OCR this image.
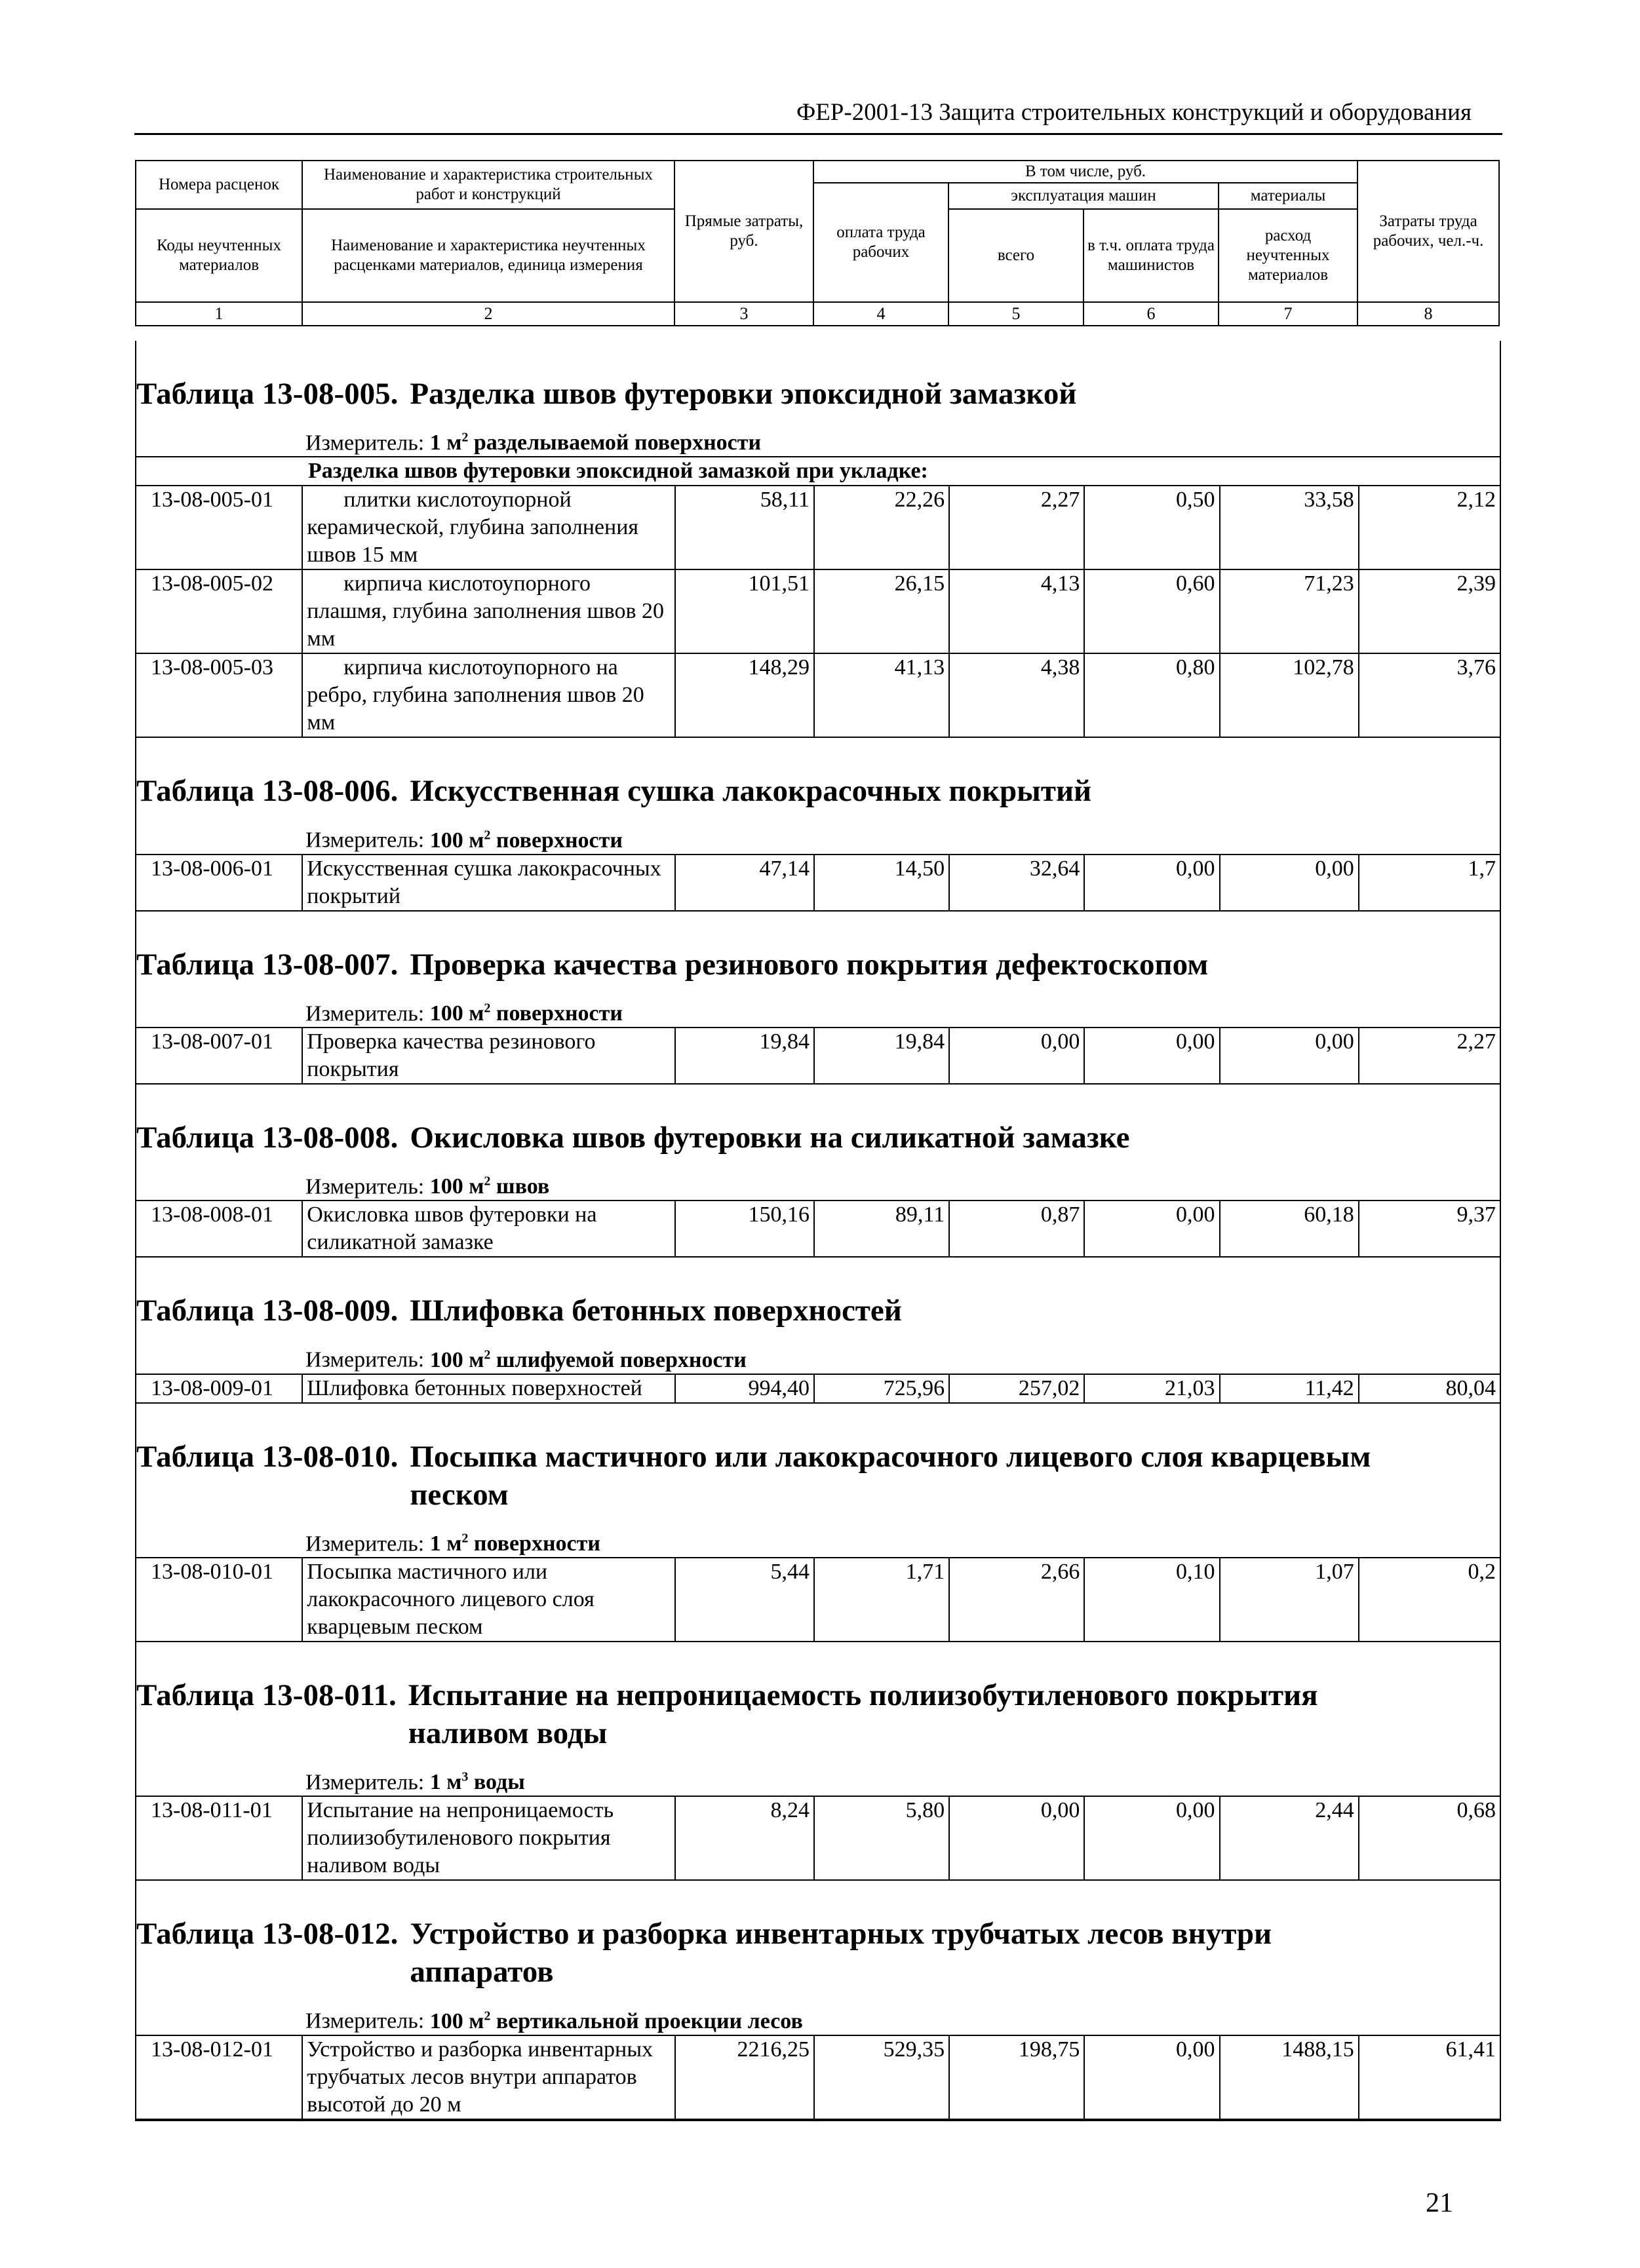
ФЕР-2001-13 Защита строительных конструкций и оборудования
Номера расценок	Наименование и характеристика строительных работ и конструкций	Прямые затраты, руб.	В том числе, руб.				Затраты труда рабочих, чел.-ч.
			оплата труда рабочих	эксплуатация машин		материалы	
Коды неучтенных материалов	Наименование и характеристика неучтенных расценками материалов, единица измерения			всего	в т.ч. оплата труда машинистов	расход неучтенных материалов	

1	2	3	4	5	6	7	8
Таблица 13-08-005. Разделка швов футеровки эпоксидной замазкой
Измеритель: 1 $м^2$ разделываемой поверхности
Разделка швов футеровки эпоксидной замазкой при укладке:
13-08-005-01	плитки кислотоупорной керамической, глубина заполнения швов 15 мм	58,11	22,26	2,27	0,50	33,58	2,12
13-08-005-02	кирпича кислотоупорного плашмя, глубина заполнения швов 20 мм	101,51	26,15	4,13	0,60	71,23	2,39
13-08-005-03	кирпича кислотоупорного на ребро, глубина заполнения швов 20 мм	148,29	41,13	4,38	0,80	102,78	3,76
Таблица 13-08-006. Искусственная сушка лакокрасочных покрытий
Измеритель: 100 $м^2$ поверхности
13-08-006-01	Искусственная сушка лакокрасочных покрытий	47,14	14,50	32,64	0,00	0,00	1,7
Таблица 13-08-007. Проверка качества резинового покрытия дефектоскопом
Измеритель: 100 $м^2$ поверхности
13-08-007-01	Проверка качества резинового покрытия	19,84	19,84	0,00	0,00	0,00	2,27
Таблица 13-08-008. Окисловка швов футеровки на силикатной замазке
Измеритель: 100 $м^2$ швов
13-08-008-01	Окисловка швов футеровки на силикатной замазке	150,16	89,11	0,87	0,00	60,18	9,37
Таблица 13-08-009. Шлифовка бетонных поверхностей
Измеритель: 100 $м^2$ шлифуемой поверхности
13-08-009-01	Шлифовка бетонных поверхностей	994,40	725,96	257,02	21,03	11,42	80,04
Таблица 13-08-010. Посыпка мастичного или лакокрасочного лицевого слоя кварцевым
песком
Измеритель: 1 $м^2$ поверхности
13-08-010-01	Посыпка мастичного или лакокрасочного лицевого слоя кварцевым песком	5,44	1,71	2,66	0,10	1,07	0,2
Таблица 13-08-011. Испытание на непроницаемость полиизобутиленового покрытия
наливом воды
Измеритель: 1 $м^3$ воды
13-08-011-01	Испытание на непроницаемость полиизобутиленового покрытия наливом воды	8,24	5,80	0,00	0,00	2,44	0,68
Таблица 13-08-012. Устройство и разборка инвентарных трубчатых лесов внутри
аппаратов
Измеритель: 100 $м^2$ вертикальной проекции лесов
13-08-012-01	Устройство и разборка инвентарных трубчатых лесов внутри аппаратов высотой до 20 м	2216,25	529,35	198,75	0,00	1488,15	61,41
21
